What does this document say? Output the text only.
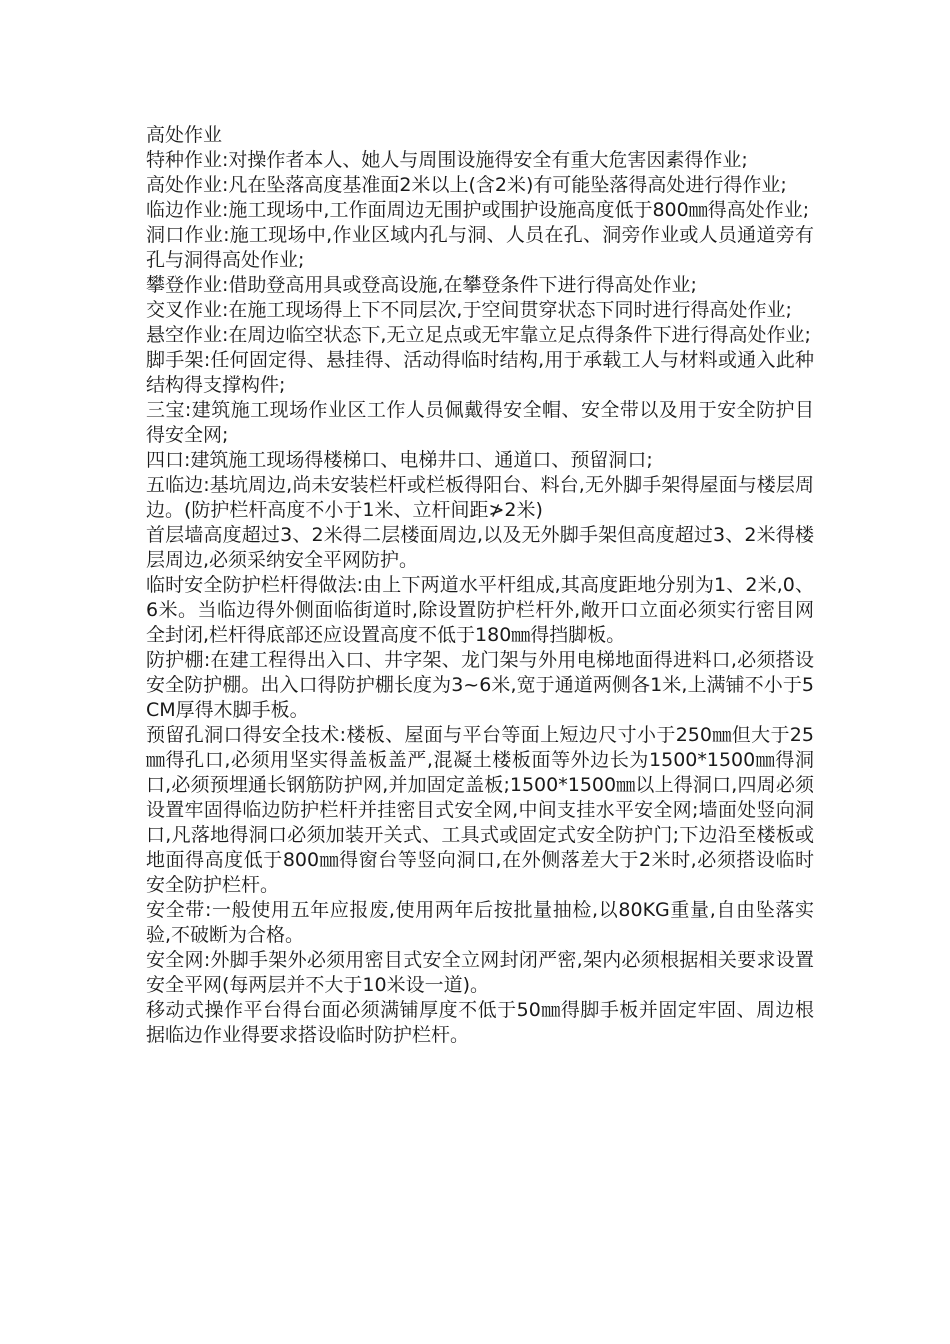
高处作业

特种作业:对操作者本人、她人与周围设施得安全有重大危害因素得作业;

高处作业:凡在坠落高度基准面2米以上(含2米)有可能坠落得高处进行得作业;

临边作业:施工现场中,工作面周边无围护或围护设施高度低于800㎜得高处作业;

洞口作业:施工现场中,作业区域内孔与洞、人员在孔、洞旁作业或人员通道旁有孔与洞得高处作业;

攀登作业:借助登高用具或登高设施,在攀登条件下进行得高处作业;

交叉作业:在施工现场得上下不同层次,于空间贯穿状态下同时进行得高处作业;

悬空作业:在周边临空状态下,无立足点或无牢靠立足点得条件下进行得高处作业;

脚手架:任何固定得、悬挂得、活动得临时结构,用于承载工人与材料或通入此种结构得支撑构件;

三宝:建筑施工现场作业区工作人员佩戴得安全帽、安全带以及用于安全防护目得安全网;

四口:建筑施工现场得楼梯口、电梯井口、通道口、预留洞口;

五临边:基坑周边,尚未安装栏杆或栏板得阳台、料台,无外脚手架得屋面与楼层周边。(防护栏杆高度不小于1米、立杆间距≯2米)

首层墙高度超过3、2米得二层楼面周边,以及无外脚手架但高度超过3、2米得楼层周边,必须采纳安全平网防护。

临时安全防护栏杆得做法:由上下两道水平杆组成,其高度距地分别为1、2米,0、6米。当临边得外侧面临街道时,除设置防护栏杆外,敞开口立面必须实行密目网全封闭,栏杆得底部还应设置高度不低于180㎜得挡脚板。

防护棚:在建工程得出入口、井字架、龙门架与外用电梯地面得进料口,必须搭设安全防护棚。出入口得防护棚长度为3~6米,宽于通道两侧各1米,上满铺不小于5CM厚得木脚手板。

预留孔洞口得安全技术:楼板、屋面与平台等面上短边尺寸小于250㎜但大于25㎜得孔口,必须用坚实得盖板盖严,混凝土楼板面等外边长为1500*1500㎜得洞口,必须预埋通长钢筋防护网,并加固定盖板;1500*1500㎜以上得洞口,四周必须设置牢固得临边防护栏杆并挂密目式安全网,中间支挂水平安全网;墙面处竖向洞口,凡落地得洞口必须加装开关式、工具式或固定式安全防护门;下边沿至楼板或地面得高度低于800㎜得窗台等竖向洞口,在外侧落差大于2米时,必须搭设临时安全防护栏杆。

安全带:一般使用五年应报废,使用两年后按批量抽检,以80KG重量,自由坠落实验,不破断为合格。

安全网:外脚手架外必须用密目式安全立网封闭严密,架内必须根据相关要求设置安全平网(每两层并不大于10米设一道)。

移动式操作平台得台面必须满铺厚度不低于50㎜得脚手板并固定牢固、周边根据临边作业得要求搭设临时防护栏杆。
